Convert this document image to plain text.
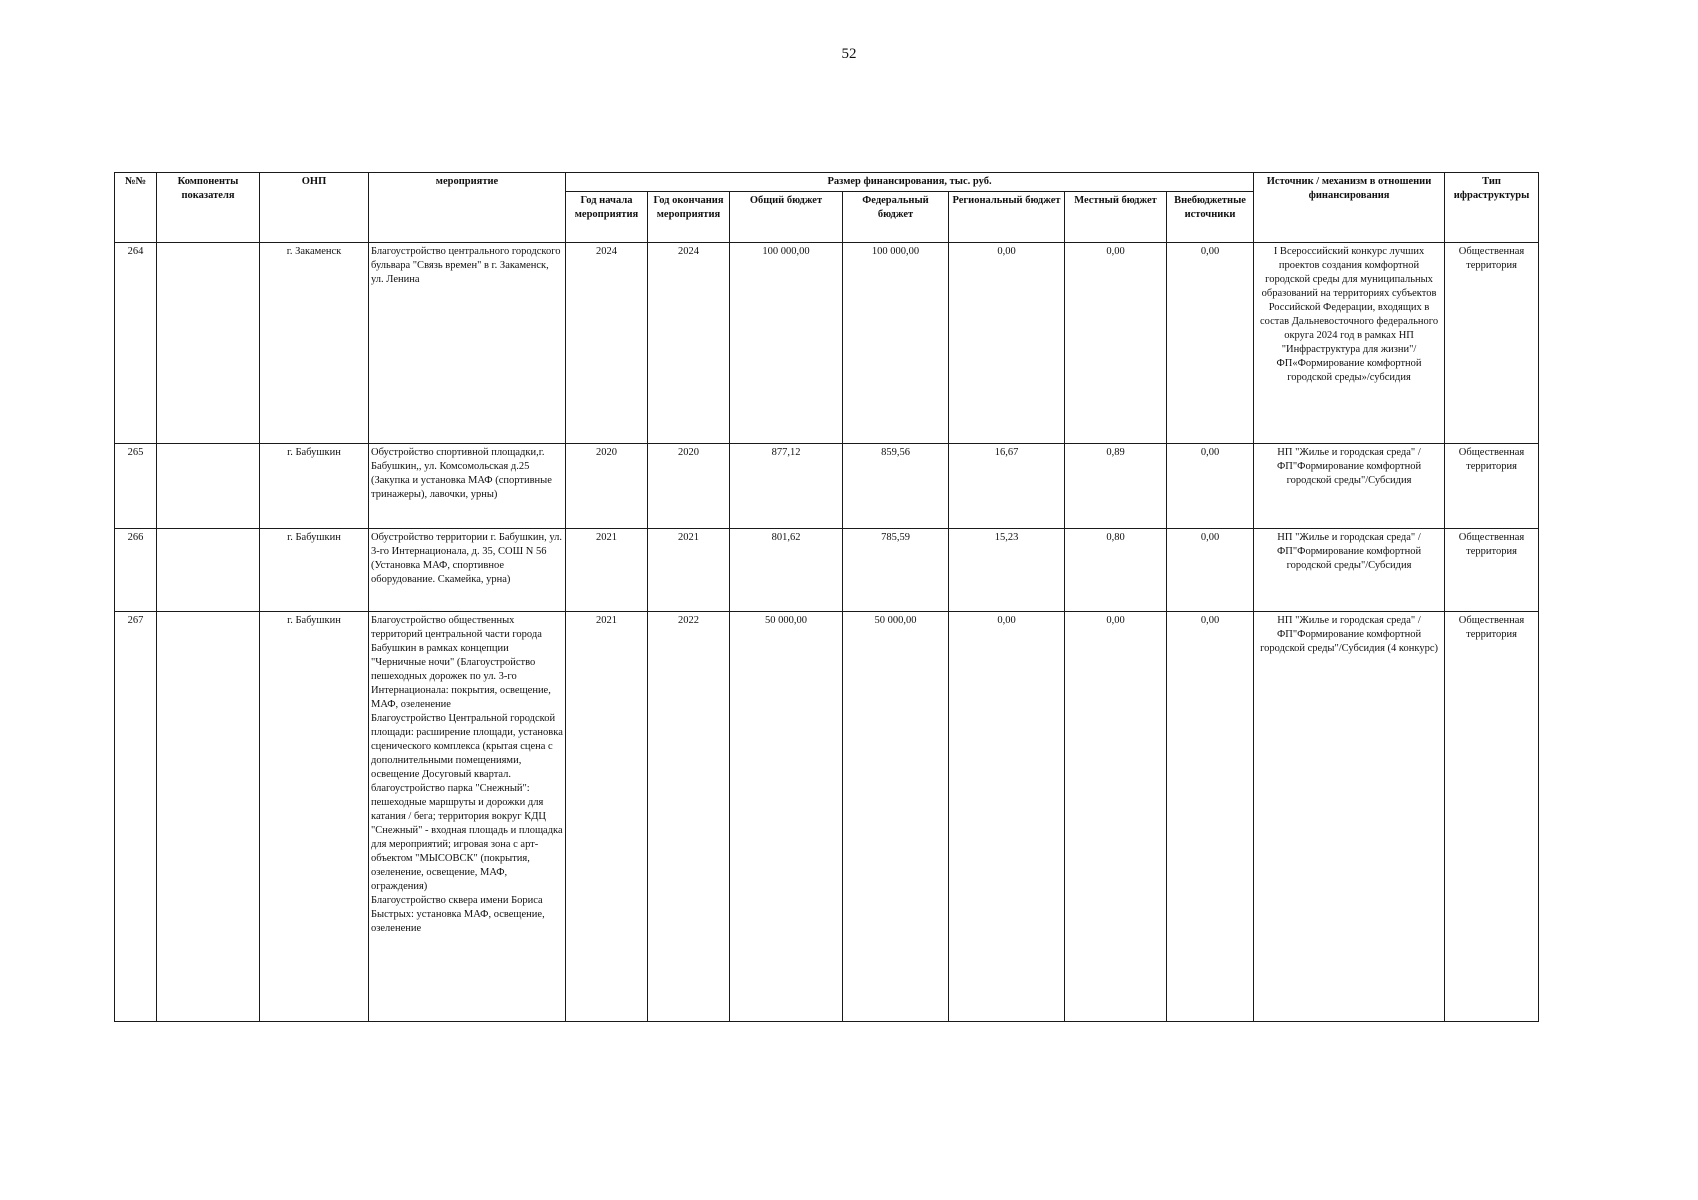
52
№№	Компоненты показателя	ОНП	мероприятие	Размер финансирования, тыс. руб.							Источник / механизм в отношении финансирования	Тип ифраструктуры
				Год начала мероприятия	Год окончания мероприятия	Общий бюджет	Федеральный бюджет	Региональный бюджет	Местный бюджет	Внебюджетные источники		
264		г. Закаменск	Благоустройство центрального городского бульвара "Связь времен" в г. Закаменск, ул. Ленина	2024	2024	100 000,00	100 000,00	0,00	0,00	0,00	I Всероссийский конкурс лучших проектов создания комфортной городской среды для муниципальных образований на территориях субъектов Российской Федерации, входящих в состав Дальневосточного федерального округа 2024 год в рамках НП "Инфраструктура для жизни"/ФП«Формирование комфортной городской среды»/субсидия	Общественная территория
265		г. Бабушкин	Обустройство спортивной площадки,г. Бабушкин,, ул. Комсомольская д.25 (Закупка и установка МАФ (спортивные тринажеры), лавочки, урны)	2020	2020	877,12	859,56	16,67	0,89	0,00	НП "Жилье и городская среда" /ФП"Формирование комфортной городской среды"/Субсидия	Общественная территория
266		г. Бабушкин	Обустройство территории г. Бабушкин, ул. 3-го Интернационала, д. 35, СОШ N 56 (Установка МАФ, спортивное оборудование. Скамейка, урна)	2021	2021	801,62	785,59	15,23	0,80	0,00	НП "Жилье и городская среда" /ФП"Формирование комфортной городской среды"/Субсидия	Общественная территория
267		г. Бабушкин	Благоустройство общественных территорий центральной части города Бабушкин в рамках концепции "Черничные ночи" (Благоустройство пешеходных дорожек по ул. 3-го Интернационала: покрытия, освещение, МАФ, озеленение
Благоустройство Центральной городской площади: расширение площади, установка сценического комплекса (крытая сцена с дополнительными помещениями, освещение Досуговый квартал. благоустройство парка "Снежный": пешеходные маршруты и дорожки для катания / бега; территория вокруг КДЦ "Снежный" - входная площадь и площадка для мероприятий; игровая зона с арт-объектом "МЫСОВСК" (покрытия, озеленение, освещение, МАФ, ограждения)
Благоустройство сквера имени Бориса Быстрых: установка МАФ, освещение, озеленение	2021	2022	50 000,00	50 000,00	0,00	0,00	0,00	НП "Жилье и городская среда" /ФП"Формирование комфортной городской среды"/Субсидия (4 конкурс)	Общественная территория
